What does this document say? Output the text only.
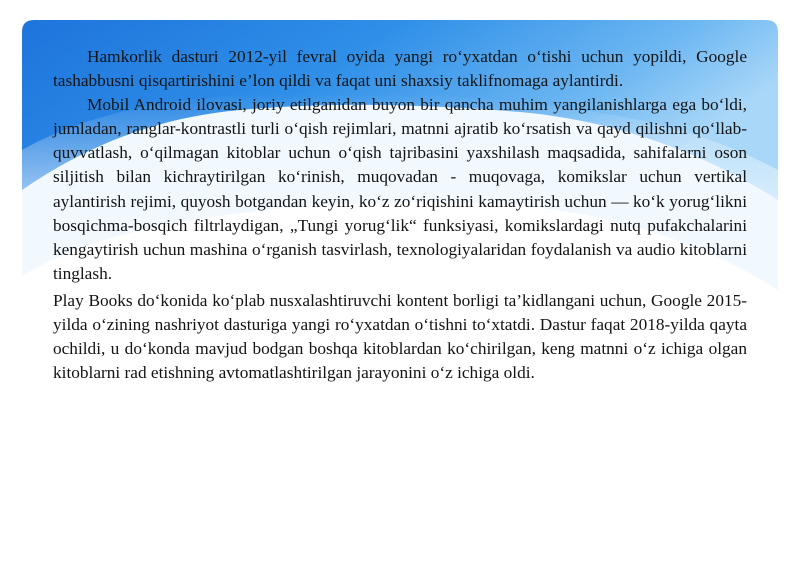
Hamkorlik dasturi 2012-yil fevral oyida yangi ro‘yxatdan o‘tishi uchun yopildi, Google tashabbusni qisqartirishini e’lon qildi va faqat uni shaxsiy taklifnomaga aylantirdi.

Mobil Android ilovasi, joriy etilganidan buyon bir qancha muhim yangilanishlarga ega bo‘ldi, jumladan, ranglar-kontrastli turli o‘qish rejimlari, matnni ajratib ko‘rsatish va qayd qilishni qo‘llab-quvvatlash, o‘qilmagan kitoblar uchun o‘qish tajribasini yaxshilash maqsadida, sahifalarni oson siljitish bilan kichraytirilgan ko‘rinish, muqovadan - muqovaga, komikslar uchun vertikal aylantirish rejimi, quyosh botgandan keyin, ko‘z zo‘riqishini kamaytirish uchun — ko‘k yorug‘likni bosqichma-bosqich filtrlaydigan, „Tungi yorug‘lik“ funksiyasi, komikslardagi nutq pufakchalarini kengaytirish uchun mashina o‘rganish tasvirlash, texnologiyalaridan foydalanish va audio kitoblarni tinglash.

Play Books do‘konida ko‘plab nusxalashtiruvchi kontent borligi ta’kidlangani uchun, Google 2015-yilda o‘zining nashriyot dasturiga yangi ro‘yxatdan o‘tishni to‘xtatdi. Dastur faqat 2018-yilda qayta ochildi, u do‘konda mavjud bodgan boshqa kitoblardan ko‘chirilgan, keng matnni o‘z ichiga olgan kitoblarni rad etishning avtomatlashtirilgan jarayonini o‘z ichiga oldi.
